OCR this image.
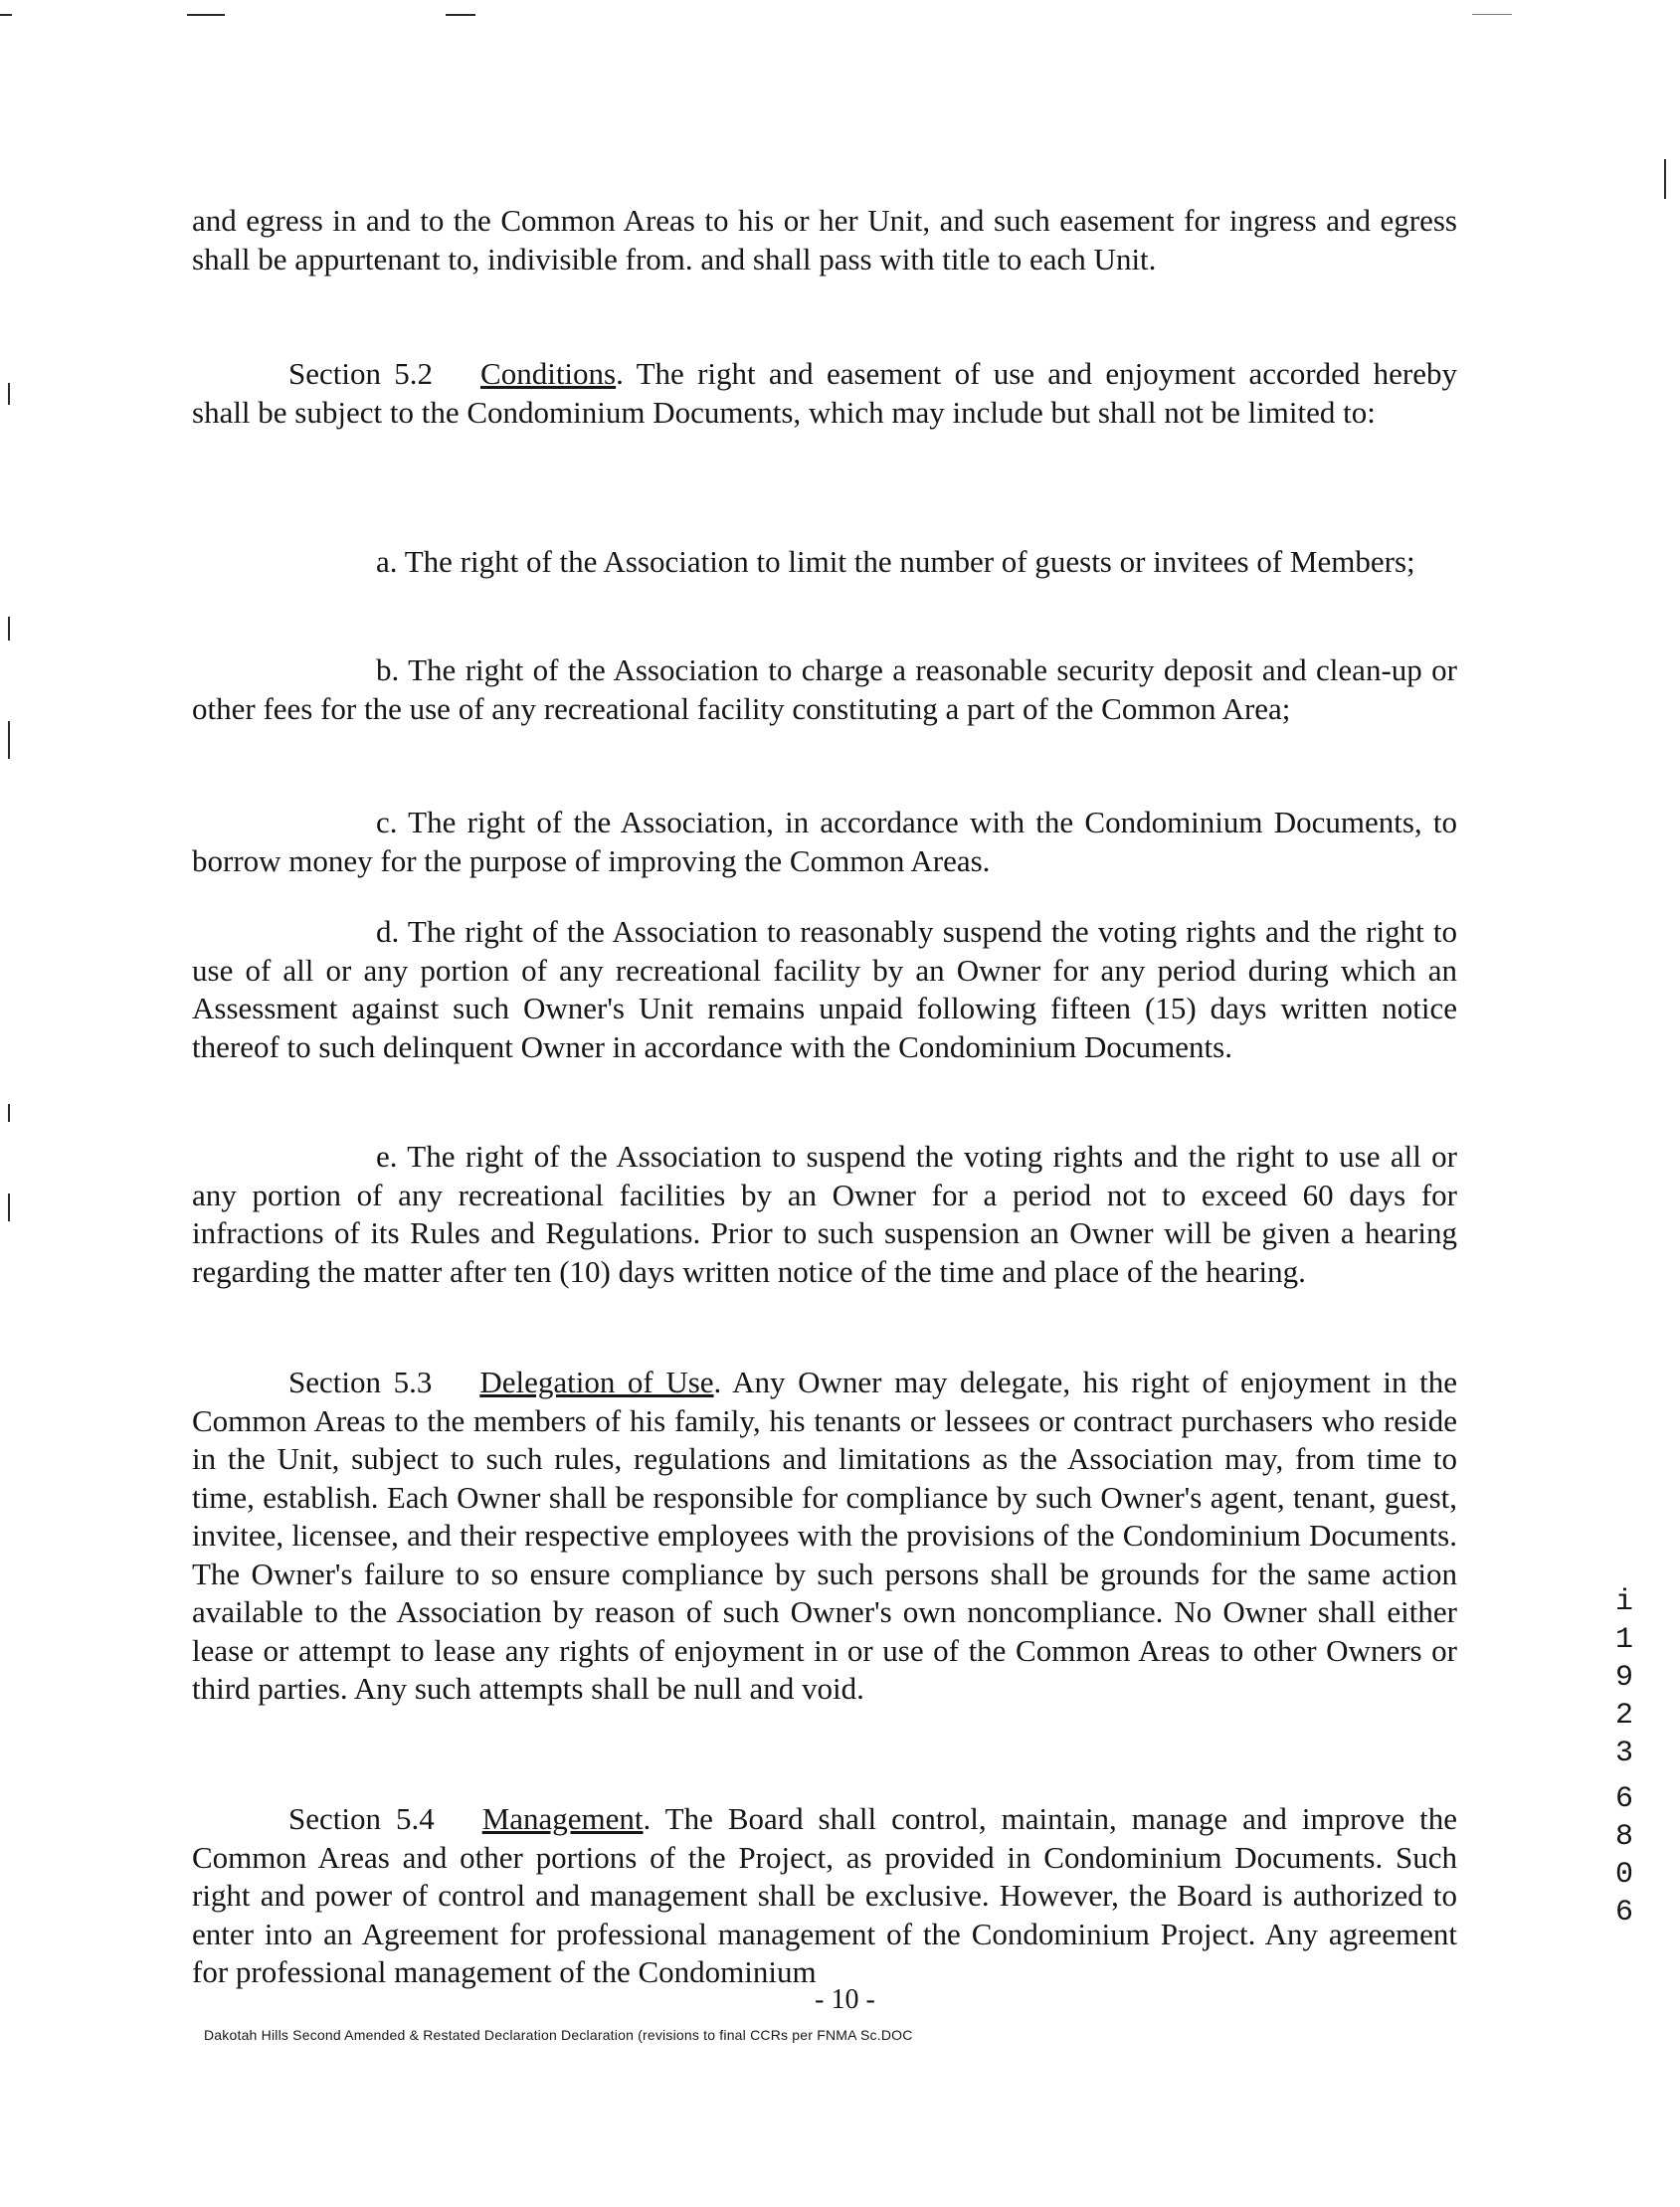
and egress in and to the Common Areas to his or her Unit, and such easement for ingress and egress shall be appurtenant to, indivisible from. and shall pass with title to each Unit.

Section 5.2 Conditions. The right and easement of use and enjoyment accorded hereby shall be subject to the Condominium Documents, which may include but shall not be limited to:

a. The right of the Association to limit the number of guests or invitees of Members;

b. The right of the Association to charge a reasonable security deposit and clean-up or other fees for the use of any recreational facility constituting a part of the Common Area;

c. The right of the Association, in accordance with the Condominium Documents, to borrow money for the purpose of improving the Common Areas.

d. The right of the Association to reasonably suspend the voting rights and the right to use of all or any portion of any recreational facility by an Owner for any period during which an Assessment against such Owner's Unit remains unpaid following fifteen (15) days written notice thereof to such delinquent Owner in accordance with the Condominium Documents.

e. The right of the Association to suspend the voting rights and the right to use all or any portion of any recreational facilities by an Owner for a period not to exceed 60 days for infractions of its Rules and Regulations. Prior to such suspension an Owner will be given a hearing regarding the matter after ten (10) days written notice of the time and place of the hearing.

Section 5.3 Delegation of Use. Any Owner may delegate, his right of enjoyment in the Common Areas to the members of his family, his tenants or lessees or contract purchasers who reside in the Unit, subject to such rules, regulations and limitations as the Association may, from time to time, establish. Each Owner shall be responsible for compliance by such Owner's agent, tenant, guest, invitee, licensee, and their respective employees with the provisions of the Condominium Documents. The Owner's failure to so ensure compliance by such persons shall be grounds for the same action available to the Association by reason of such Owner's own noncompliance. No Owner shall either lease or attempt to lease any rights of enjoyment in or use of the Common Areas to other Owners or third parties. Any such attempts shall be null and void.

Section 5.4 Management. The Board shall control, maintain, manage and improve the Common Areas and other portions of the Project, as provided in Condominium Documents. Such right and power of control and management shall be exclusive. However, the Board is authorized to enter into an Agreement for professional management of the Condominium Project. Any agreement for professional management of the Condominium

- 10 -
Dakotah Hills Second Amended & Restated Declaration Declaration (revisions to final CCRs per FNMA Sc.DOC
i
1
9
2
3
6
8
0
6
